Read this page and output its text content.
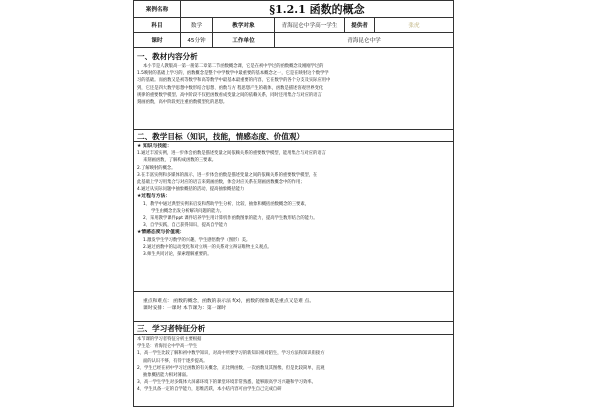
案例名称	§1.2.1 函数的概念				
科目	数学	教学对象	青海昆仑中学高一学生	提供者	张虎
课时	45分钟	工作单位	青海昆仑中学		
一、教材内容分析

本小节是人教版高一第一册第二章第二节函数概念课，它是在初中学过的函数概念及刚刚学过的

1.5映射的基础上学习的，函数概念是整个中学数学中最重要的基本概念之一，它是在映射这个数学学

习的基础。而函数又是初等数学和高等数学中最基本最重要的内容，它在数学的各个分支及实际应用中

到，它还是四大数学思想中数形结合思想、函数与方 程思想产生的载体，函数是描述客观世界变化

规律的重要数学模型。高中阶段不仅把函数看成变量之间的依赖关系，同时还用集合与对应的语言

刻画函数，高中阶段更注重函数模型化的思想。

二、教学目标（知识，技能，情感态度、价值观）

★ 知识与技能：

1.通过丰富实例，进一步体会函数是描述变量之间依赖关系的重要数学模型，能用集合与对应的语言

来刻画函数，了解构成函数的三要素。

2.了解映射的概念。

3.在丰富实例和多媒体的演示，进一步体会函数是描述变量之间的依赖关系的重要数学模型，在

此基础上学习用集合与对应的语言来刻画函数，体会对应关系在刻画函数概念中的作用；

4.通过从实际问题中抽象概括的活动，提高抽象概括能力

★过程与方法：

1、教学中通过典型实例来启发和帮助学生分析、比较、抽象和概括函数概念的三要素，

学生由概念出发分析解决问题的能力。

2、采用教学课件ppt 课件培养学生用计算机作函数图象的能力，提高学生数形结合的能力。

3、自学实践，自己获得知识，提高自学能力

★情感态度与价值观：

1.激发学生学习数学的兴趣，学生感悟数学（图形）美。

2.通过函数中的运动变化和对立统一的关系对立辩证唯物主义观点。

3.师生共同讨论，探索理解重要的。

重点和难点： 函数的概念，函数的表示法 f(x)，函数的图象既是重点又是难 点。

课时安排：一课时 本节课为：第一课时

三、学习者特征分析

本节课的学习者特征分析主要根据

学生是：青海昆仑中学高一学生

1、高一学生比较了解和初中数学知识，对高中所要学习的新知识相对陌生，学习方法和知识衔接方

面的认识不够，有待于逐步提高。

2、学生已经在初中学习过函数的有关概念，正比例函数、一次函数及其图像，但是比较简单，直观

抽象概括能力相对薄弱。

3、高一学生学生对多媒体大屏幕环境下的课堂环境非常熟悉，能够跟高学习兴趣和学习效率。

4、学生具备一定的自学能力，思维活跃，本小结内容可由学生自己完成自研
